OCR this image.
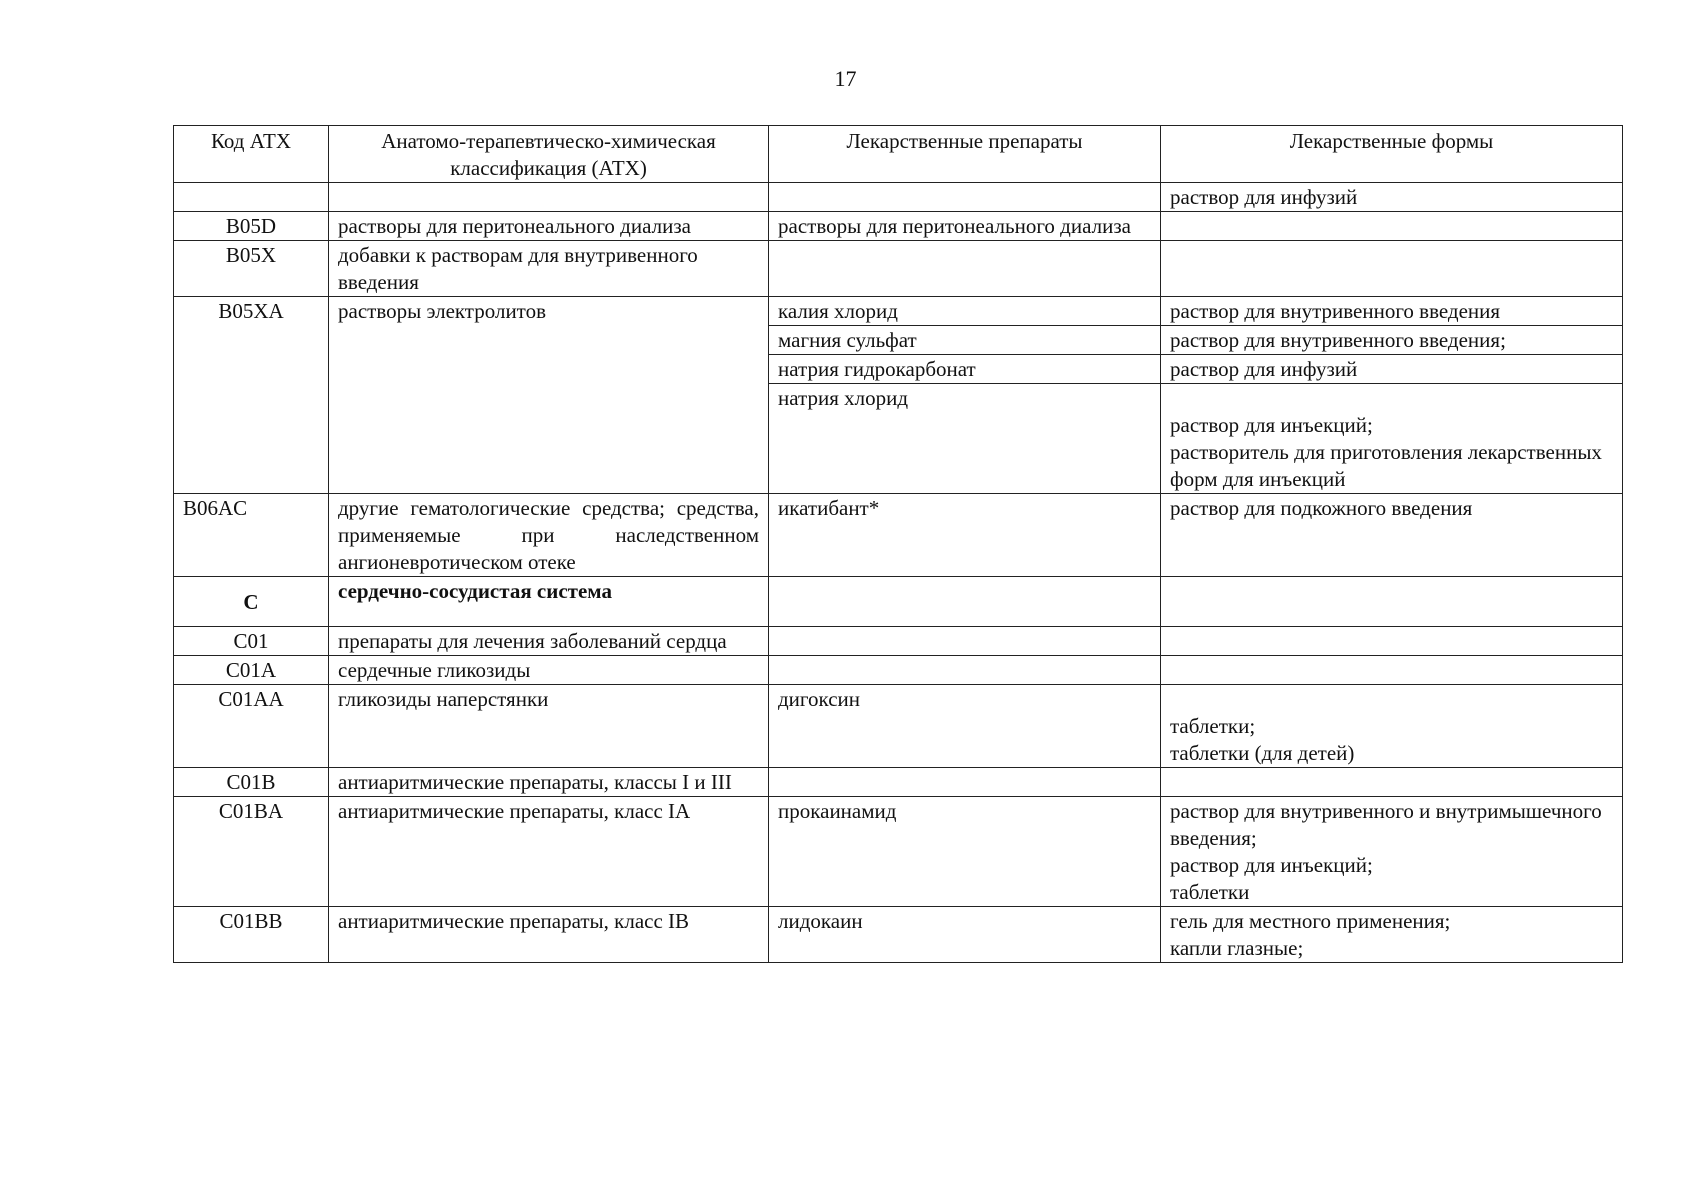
17
Код АТХ	Анатомо-терапевтическо-химическая классификация (АТХ)	Лекарственные препараты	Лекарственные формы
			раствор для инфузий
B05D	растворы для перитонеального диализа	растворы для перитонеального диализа	
B05X	добавки к растворам для внутривенного введения		
B05XA	растворы электролитов	калия хлорид	раствор для внутривенного введения
		магния сульфат	раствор для внутривенного введения;
		натрия гидрокарбонат	раствор для инфузий
		натрия хлорид	раствор для инъекций;
растворитель для приготовления лекарственных форм для инъекций

B06AC	другие гематологические средства; средства, применяемые при наследственном ангионевротическом отеке	икатибант*	раствор для подкожного введения
C	сердечно-сосудистая система		
C01	препараты для лечения заболеваний сердца		
C01A	сердечные гликозиды		
C01AA	гликозиды наперстянки	дигоксин	таблетки;
таблетки (для детей)

C01B	антиаритмические препараты, классы I и III		
C01BA	антиаритмические препараты, класс IA	прокаинамид	раствор для внутривенного и внутримышечного введения;
раствор для инъекций;
таблетки

C01BB	антиаритмические препараты, класс IB	лидокаин	гель для местного применения;
капли глазные;
